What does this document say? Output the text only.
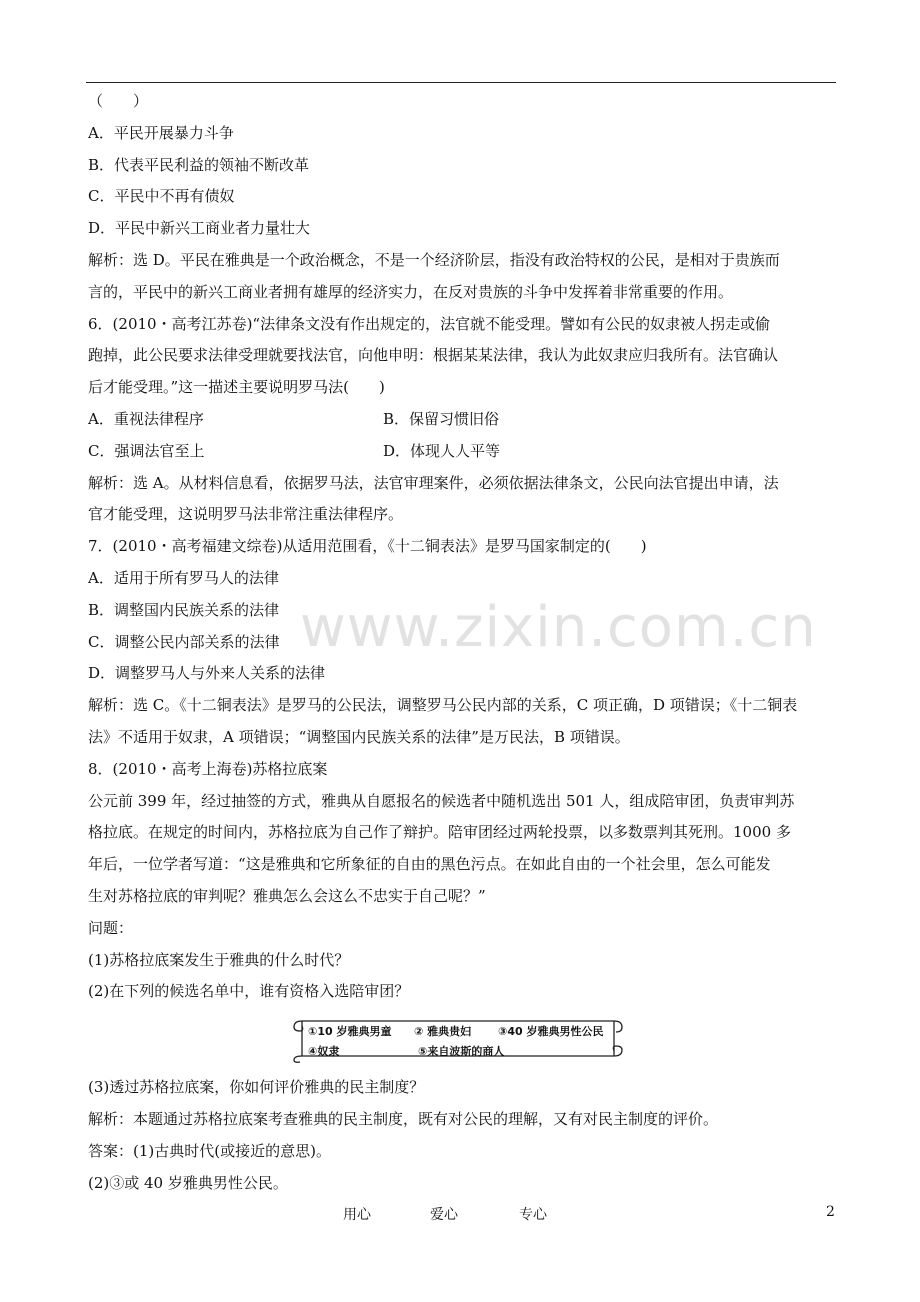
www.zixin.com.cn
（　　）
A．平民开展暴力斗争
B．代表平民利益的领袖不断改革
C．平民中不再有债奴
D．平民中新兴工商业者力量壮大
解析：选 D。平民在雅典是一个政治概念，不是一个经济阶层，指没有政治特权的公民，是相对于贵族而
言的，平民中的新兴工商业者拥有雄厚的经济实力，在反对贵族的斗争中发挥着非常重要的作用。
6．(2010・高考江苏卷)“法律条文没有作出规定的，法官就不能受理。譬如有公民的奴隶被人拐走或偷
跑掉，此公民要求法律受理就要找法官，向他申明：根据某某法律，我认为此奴隶应归我所有。法官确认
后才能受理。”这一描述主要说明罗马法(　　)
A．重视法律程序	B．保留习惯旧俗
C．强调法官至上	D．体现人人平等
解析：选 A。从材料信息看，依据罗马法，法官审理案件，必须依据法律条文，公民向法官提出申请，法
官才能受理，这说明罗马法非常注重法律程序。
7．(2010・高考福建文综卷)从适用范围看，《十二铜表法》是罗马国家制定的(　　)
A．适用于所有罗马人的法律
B．调整国内民族关系的法律
C．调整公民内部关系的法律
D．调整罗马人与外来人关系的法律
解析：选 C。《十二铜表法》是罗马的公民法，调整罗马公民内部的关系，C 项正确，D 项错误；《十二铜表
法》不适用于奴隶，A 项错误；“调整国内民族关系的法律”是万民法，B 项错误。
8．(2010・高考上海卷)苏格拉底案
公元前 399 年，经过抽签的方式，雅典从自愿报名的候选者中随机选出 501 人，组成陪审团，负责审判苏
格拉底。在规定的时间内，苏格拉底为自己作了辩护。陪审团经过两轮投票，以多数票判其死刑。1000 多
年后，一位学者写道：“这是雅典和它所象征的自由的黑色污点。在如此自由的一个社会里，怎么可能发
生对苏格拉底的审判呢？雅典怎么会这么不忠实于自己呢？”
问题：
(1)苏格拉底案发生于雅典的什么时代？
(2)在下列的候选名单中，谁有资格入选陪审团？
①10 岁雅典男童 ② 雅典贵妇 ③40 岁雅典男性公民
④奴隶	⑤来自波斯的商人
(3)透过苏格拉底案，你如何评价雅典的民主制度？
解析：本题通过苏格拉底案考查雅典的民主制度，既有对公民的理解，又有对民主制度的评价。
答案：(1)古典时代(或接近的意思)。
(2)③或 40 岁雅典男性公民。
用心	爱心	专心	2
